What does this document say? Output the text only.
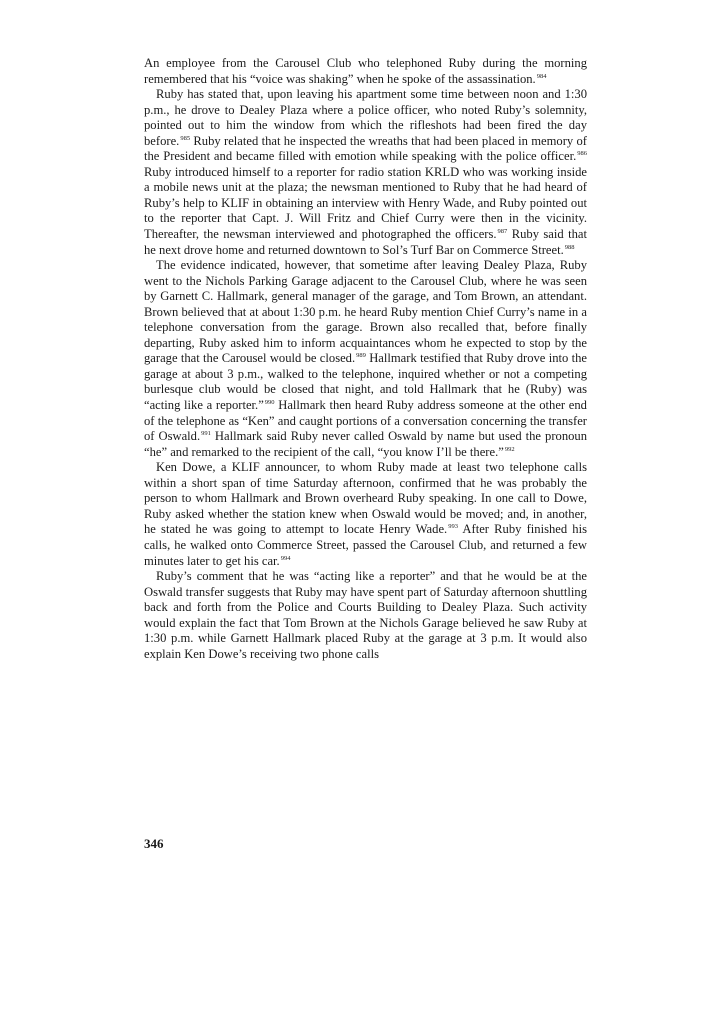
An employee from the Carousel Club who telephoned Ruby during the morning remembered that his “voice was shaking” when he spoke of the assassination.$^{984}$

Ruby has stated that, upon leaving his apartment some time between noon and 1:30 p.m., he drove to Dealey Plaza where a police officer, who noted Ruby’s solemnity, pointed out to him the window from which the rifleshots had been fired the day before.$^{985}$ Ruby related that he inspected the wreaths that had been placed in memory of the President and became filled with emotion while speaking with the police officer.$^{986}$ Ruby introduced himself to a reporter for radio station KRLD who was working inside a mobile news unit at the plaza; the newsman mentioned to Ruby that he had heard of Ruby’s help to KLIF in obtaining an interview with Henry Wade, and Ruby pointed out to the reporter that Capt. J. Will Fritz and Chief Curry were then in the vicinity. Thereafter, the newsman interviewed and photographed the officers.$^{987}$ Ruby said that he next drove home and returned downtown to Sol’s Turf Bar on Commerce Street.$^{988}$

The evidence indicated, however, that sometime after leaving Dealey Plaza, Ruby went to the Nichols Parking Garage adjacent to the Carousel Club, where he was seen by Garnett C. Hallmark, general manager of the garage, and Tom Brown, an attendant. Brown believed that at about 1:30 p.m. he heard Ruby mention Chief Curry’s name in a telephone conversation from the garage. Brown also recalled that, before finally departing, Ruby asked him to inform acquaintances whom he expected to stop by the garage that the Carousel would be closed.$^{989}$ Hallmark testified that Ruby drove into the garage at about 3 p.m., walked to the telephone, inquired whether or not a competing burlesque club would be closed that night, and told Hallmark that he (Ruby) was “acting like a reporter.”$^{990}$ Hallmark then heard Ruby address someone at the other end of the telephone as “Ken” and caught portions of a conversation concerning the transfer of Oswald.$^{991}$ Hallmark said Ruby never called Oswald by name but used the pronoun “he” and remarked to the recipient of the call, “you know I’ll be there.”$^{992}$

Ken Dowe, a KLIF announcer, to whom Ruby made at least two telephone calls within a short span of time Saturday afternoon, confirmed that he was probably the person to whom Hallmark and Brown overheard Ruby speaking. In one call to Dowe, Ruby asked whether the station knew when Oswald would be moved; and, in another, he stated he was going to attempt to locate Henry Wade.$^{993}$ After Ruby finished his calls, he walked onto Commerce Street, passed the Carousel Club, and returned a few minutes later to get his car.$^{994}$

Ruby’s comment that he was “acting like a reporter” and that he would be at the Oswald transfer suggests that Ruby may have spent part of Saturday afternoon shuttling back and forth from the Police and Courts Building to Dealey Plaza. Such activity would explain the fact that Tom Brown at the Nichols Garage believed he saw Ruby at 1:30 p.m. while Garnett Hallmark placed Ruby at the garage at 3 p.m. It would also explain Ken Dowe’s receiving two phone calls

346
